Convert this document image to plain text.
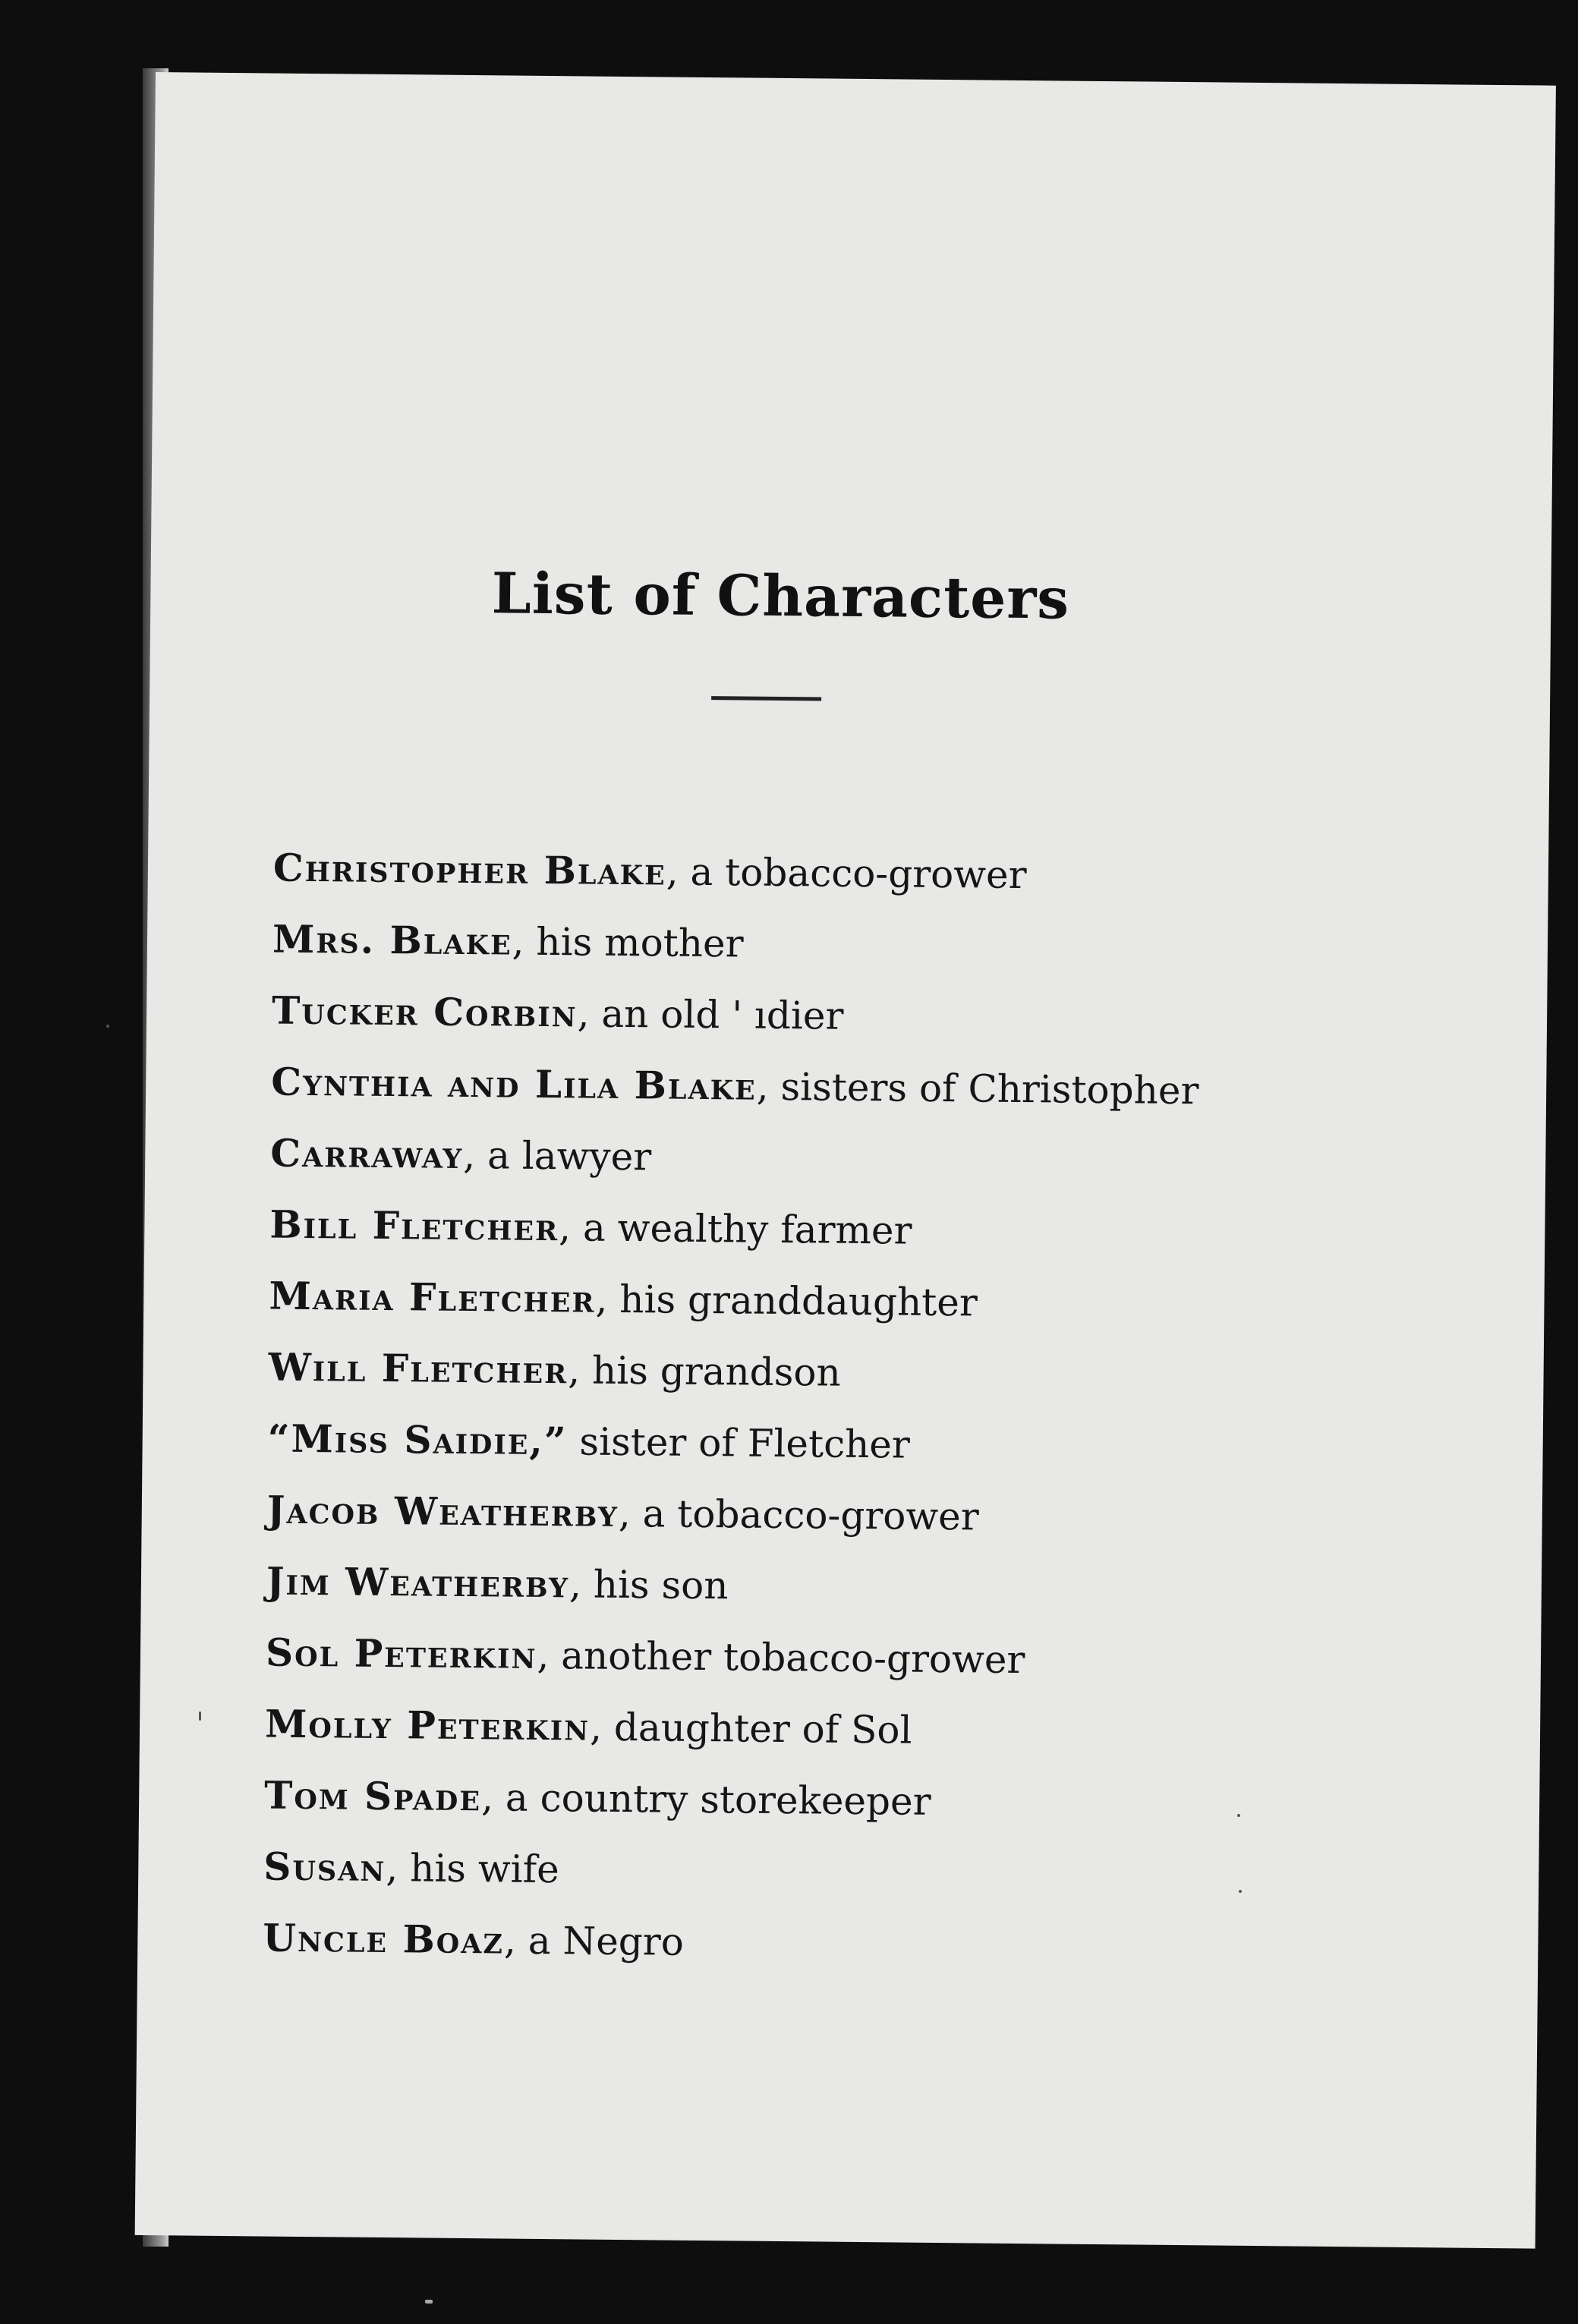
List of Characters
Christopher Blake, a tobacco-grower
Mrs. Blake, his mother
Tucker Corbin, an old ' ıdier
Cynthia and Lila Blake, sisters of Christopher
Carraway, a lawyer
Bill Fletcher, a wealthy farmer
Maria Fletcher, his granddaughter
Will Fletcher, his grandson
“Miss Saidie,” sister of Fletcher
Jacob Weatherby, a tobacco-grower
Jim Weatherby, his son
Sol Peterkin, another tobacco-grower
Molly Peterkin, daughter of Sol
Tom Spade, a country storekeeper
Susan, his wife
Uncle Boaz, a Negro
